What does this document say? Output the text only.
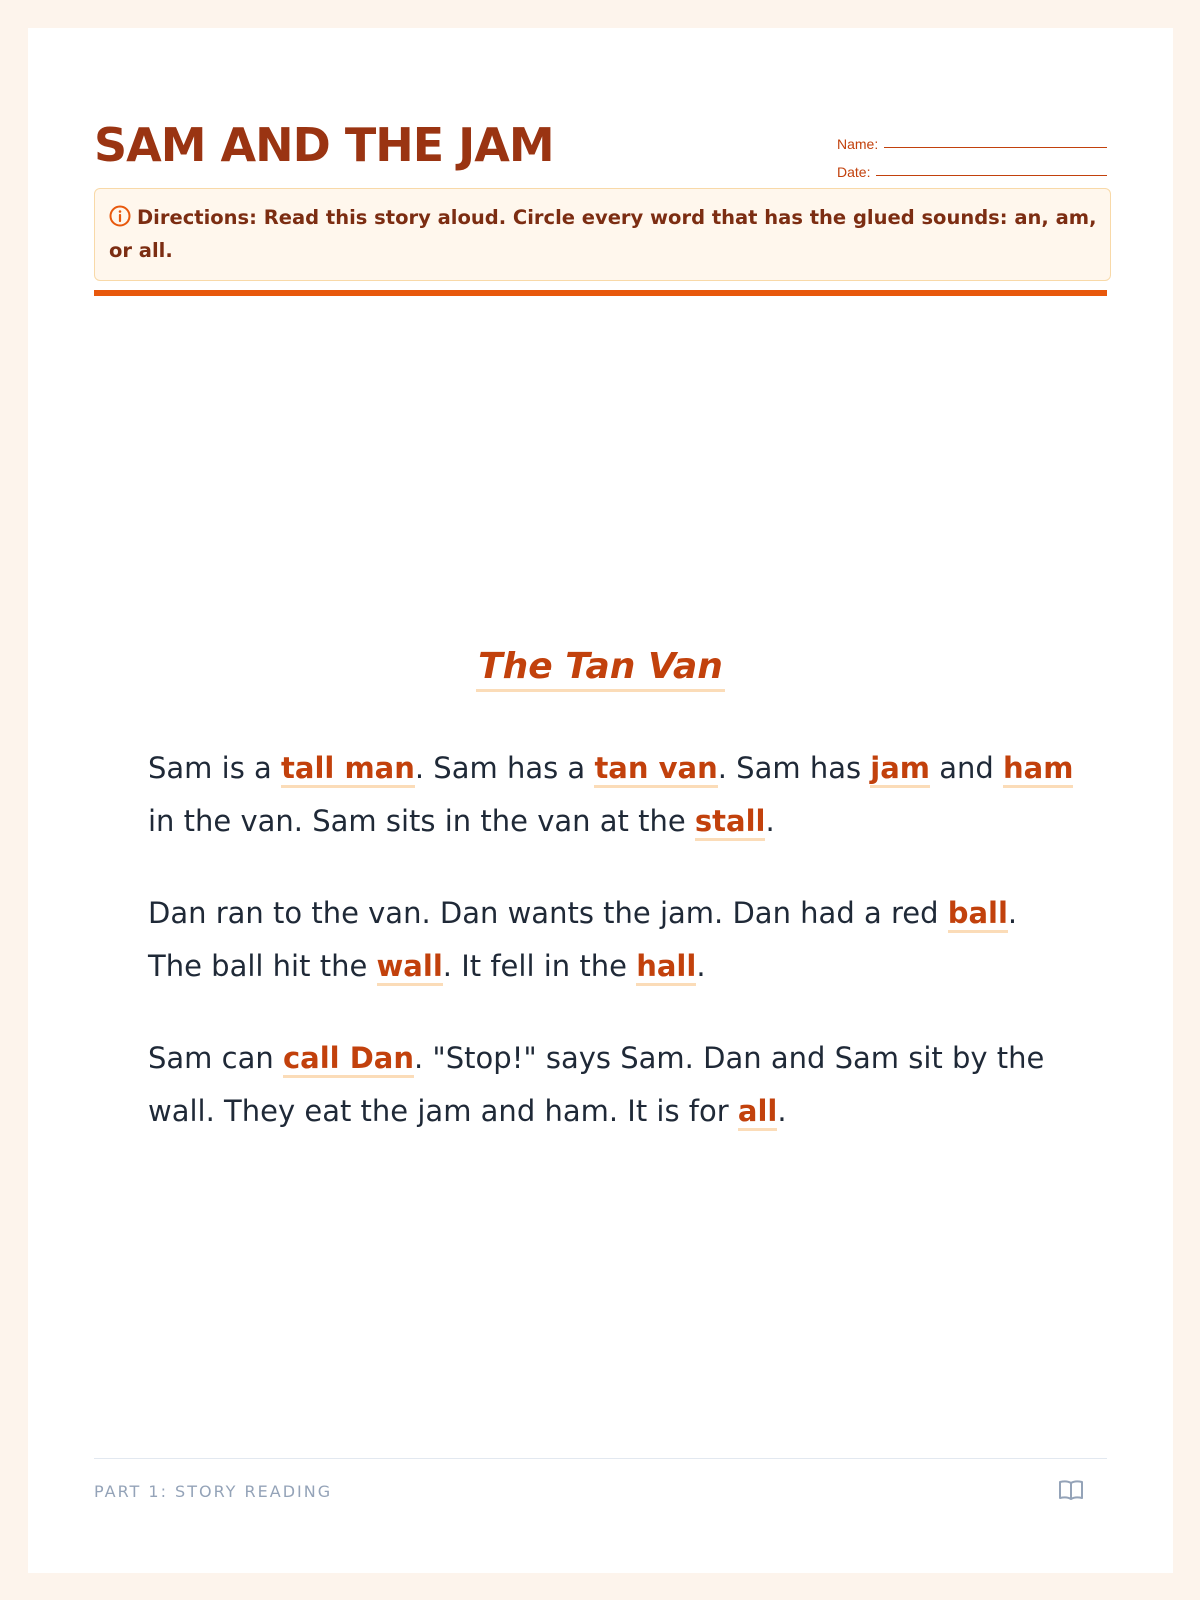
SAM AND THE JAM	Name:
Date:
Directions: Read this story aloud. Circle every word that has the glued sounds: an, am, or all.
The Tan Van

Sam is a tall man. Sam has a tan van. Sam has jam and ham in the van. Sam sits in the van at the stall.

Dan ran to the van. Dan wants the jam. Dan had a red ball. The ball hit the wall. It fell in the hall.

Sam can call Dan. "Stop!" says Sam. Dan and Sam sit by the wall. They eat the jam and ham. It is for all.

PART 1: STORY READING
